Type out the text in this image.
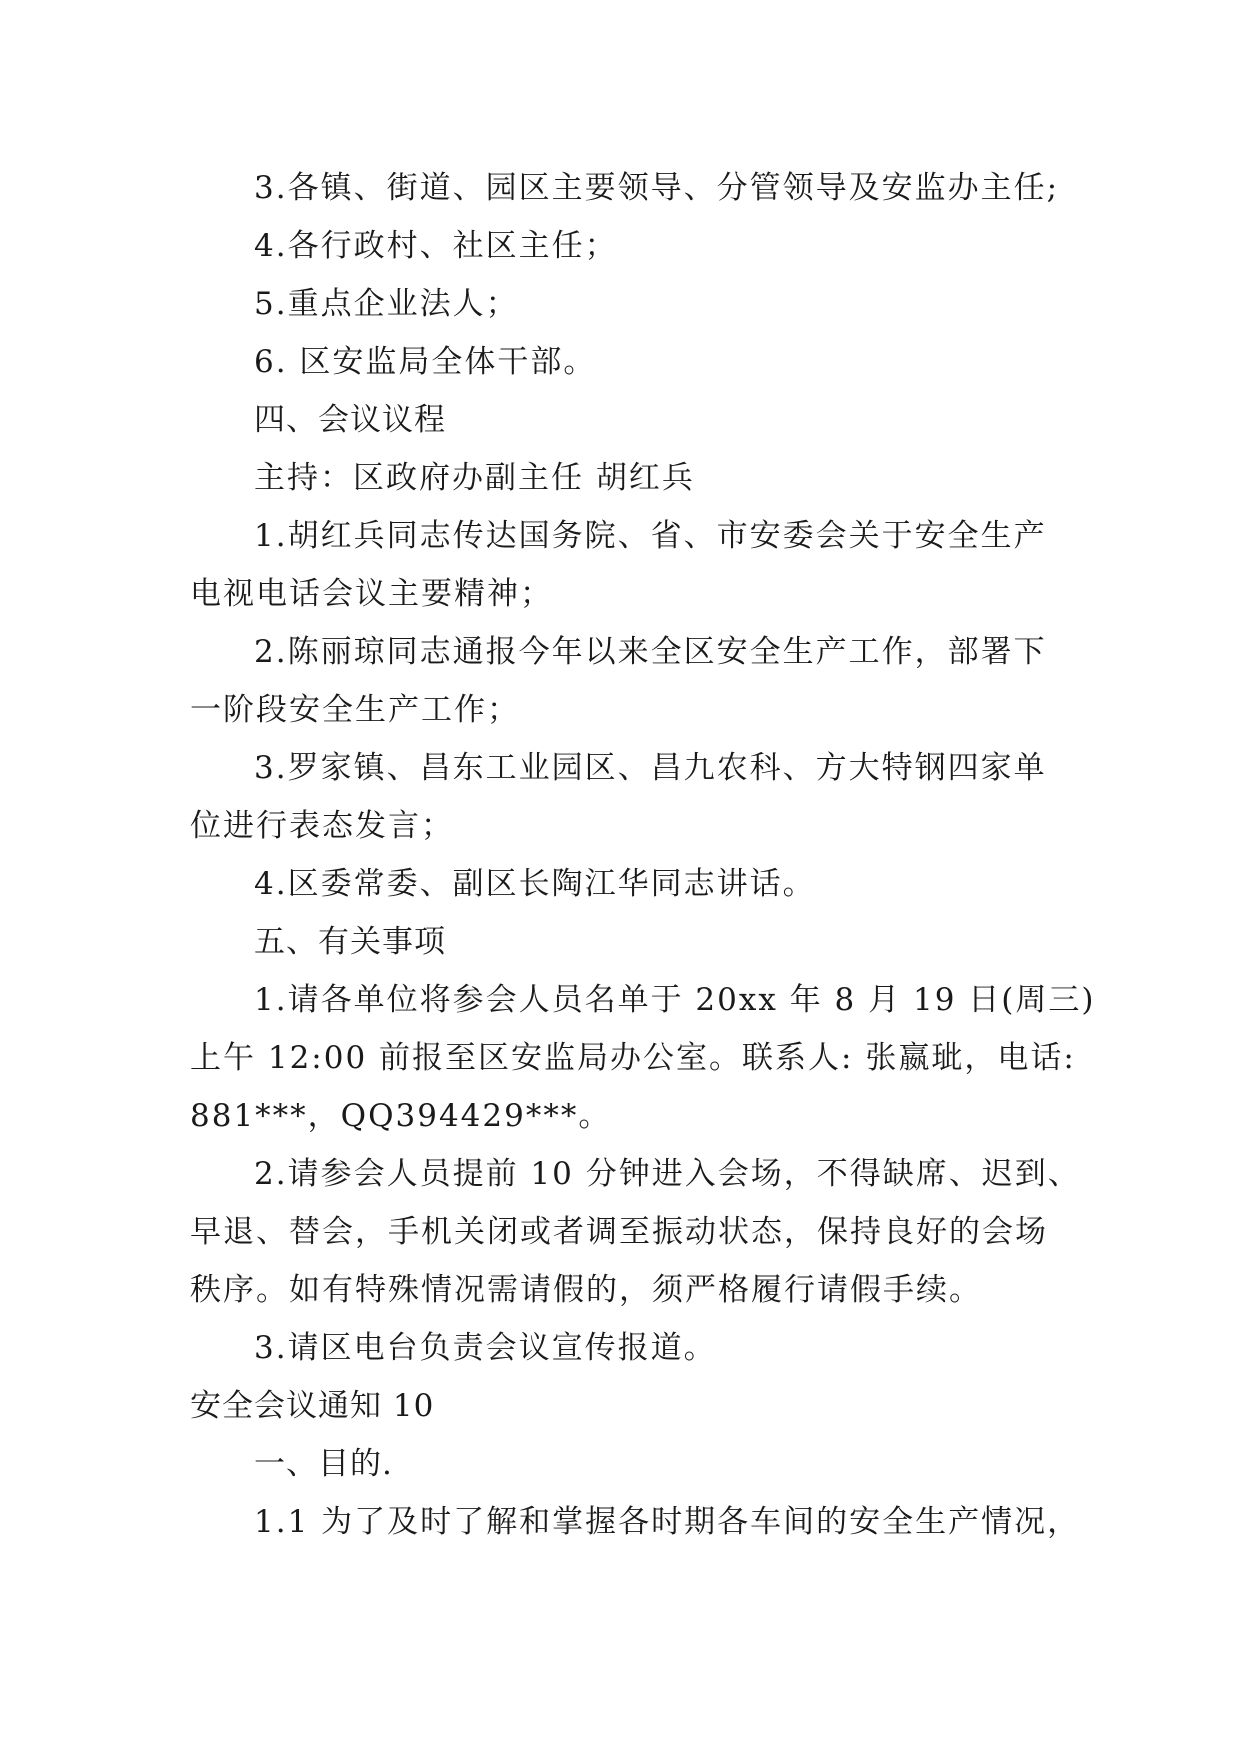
3.各镇、街道、园区主要领导、分管领导及安监办主任;
4.各行政村、社区主任；
5.重点企业法人；
6. 区安监局全体干部。
四、会议议程
主持：区政府办副主任 胡红兵
1.胡红兵同志传达国务院、省、市安委会关于安全生产
电视电话会议主要精神；
2.陈丽琼同志通报今年以来全区安全生产工作，部署下
一阶段安全生产工作；
3.罗家镇、昌东工业园区、昌九农科、方大特钢四家单
位进行表态发言；
4.区委常委、副区长陶江华同志讲话。
五、有关事项
1.请各单位将参会人员名单于 20xx 年 8 月 19 日(周三)
上午 12:00 前报至区安监局办公室。联系人: 张嬴玼，电话:
881***，QQ394429***。
2.请参会人员提前 10 分钟进入会场，不得缺席、迟到、
早退、替会，手机关闭或者调至振动状态，保持良好的会场
秩序。如有特殊情况需请假的，须严格履行请假手续。
3.请区电台负责会议宣传报道。
安全会议通知 10
一、目的.
1.1 为了及时了解和掌握各时期各车间的安全生产情况，
